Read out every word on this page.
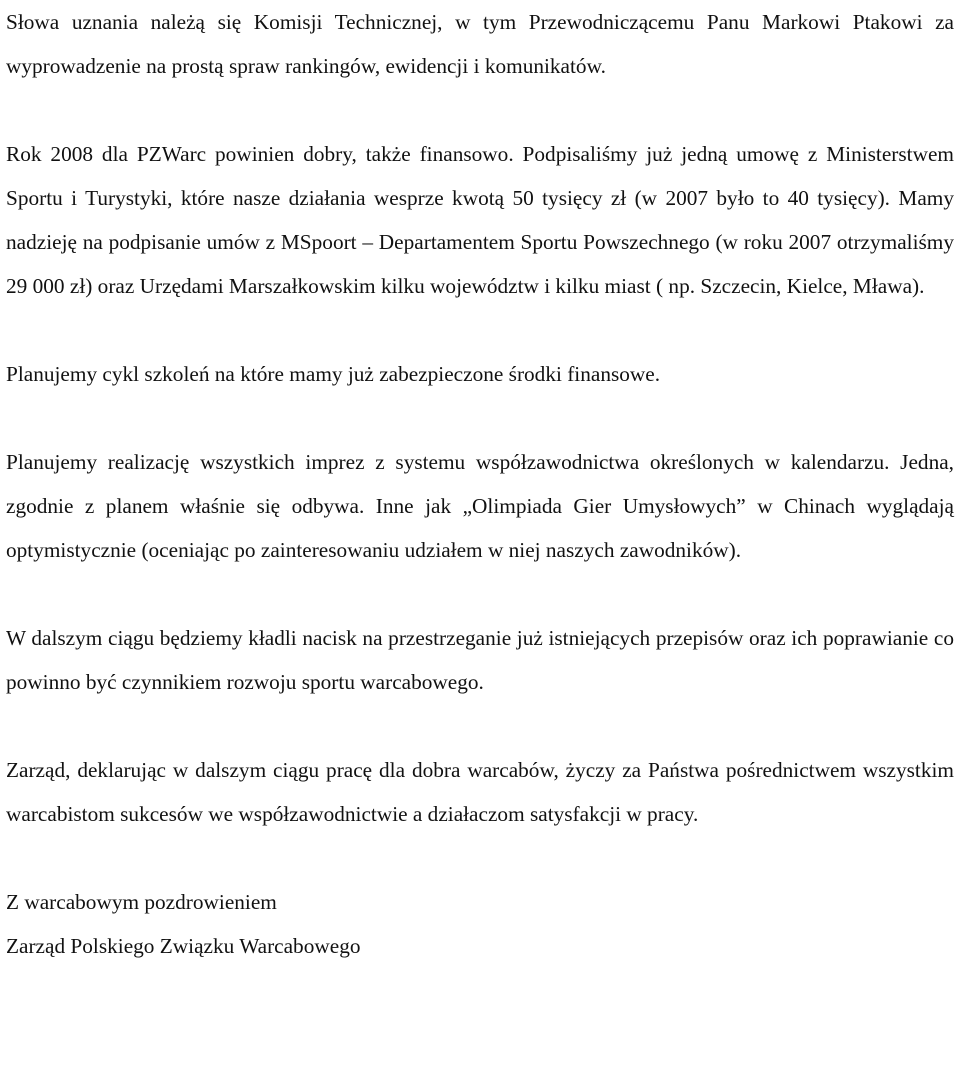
Słowa uznania należą się Komisji Technicznej, w tym Przewodniczącemu Panu Markowi Ptakowi za wyprowadzenie na prostą spraw rankingów, ewidencji i komunikatów.

Rok 2008 dla PZWarc powinien dobry, także finansowo. Podpisaliśmy już jedną umowę z Ministerstwem Sportu i Turystyki, które nasze działania wesprze kwotą 50 tysięcy zł (w 2007 było to 40 tysięcy). Mamy nadzieję na podpisanie umów z MSpoort – Departamentem Sportu Powszechnego (w roku 2007 otrzymaliśmy 29 000 zł) oraz Urzędami Marszałkowskim kilku województw i kilku miast ( np. Szczecin, Kielce, Mława).

Planujemy cykl szkoleń na które mamy już zabezpieczone środki finansowe.

Planujemy realizację wszystkich imprez z systemu współzawodnictwa określonych w kalendarzu. Jedna, zgodnie z planem właśnie się odbywa. Inne jak „Olimpiada Gier Umysłowych” w Chinach wyglądają optymistycznie (oceniając po zainteresowaniu udziałem w niej naszych zawodników).

W dalszym ciągu będziemy kładli nacisk na przestrzeganie już istniejących przepisów oraz ich poprawianie co powinno być czynnikiem rozwoju sportu warcabowego.

Zarząd, deklarując w dalszym ciągu pracę dla dobra warcabów, życzy za Państwa pośrednictwem wszystkim warcabistom sukcesów we współzawodnictwie a działaczom satysfakcji w pracy.

Z warcabowym pozdrowieniem
Zarząd Polskiego Związku Warcabowego
